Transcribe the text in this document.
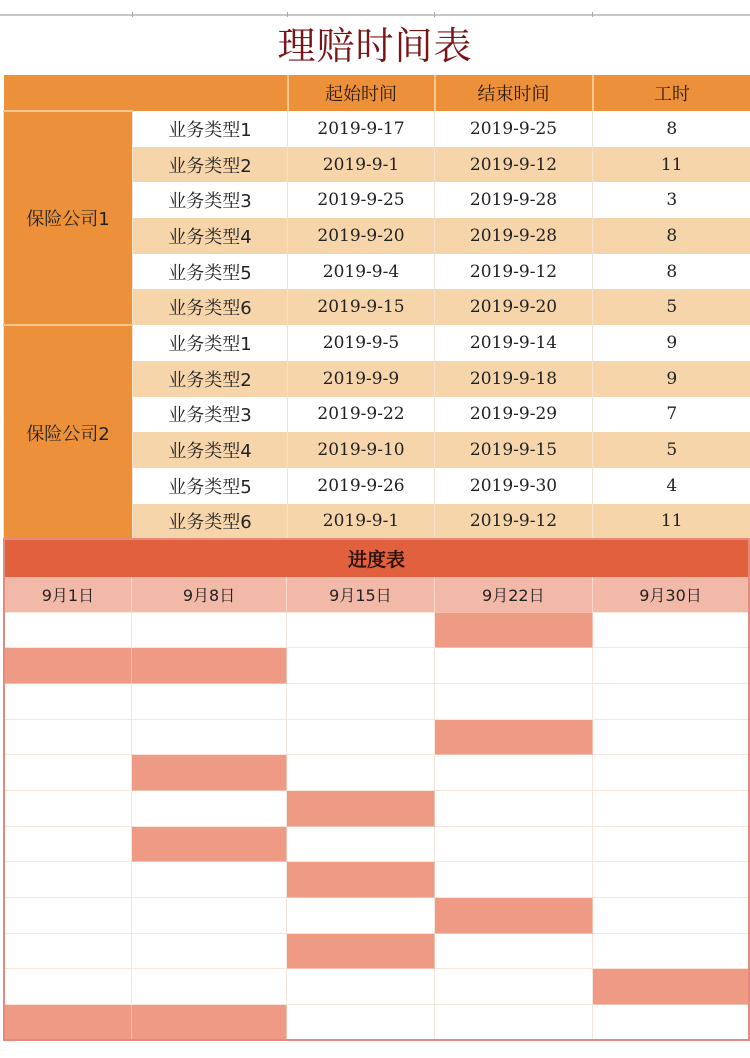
理赔时间表
		起始时间	结束时间	工时
保险公司1	业务类型1	2019-9-17	2019-9-25	8
	业务类型2	2019-9-1	2019-9-12	11
	业务类型3	2019-9-25	2019-9-28	3
	业务类型4	2019-9-20	2019-9-28	8
	业务类型5	2019-9-4	2019-9-12	8
	业务类型6	2019-9-15	2019-9-20	5
保险公司2	业务类型1	2019-9-5	2019-9-14	9
	业务类型2	2019-9-9	2019-9-18	9
	业务类型3	2019-9-22	2019-9-29	7
	业务类型4	2019-9-10	2019-9-15	5
	业务类型5	2019-9-26	2019-9-30	4
	业务类型6	2019-9-1	2019-9-12	11
进度表				
9月1日	9月8日	9月15日	9月22日	9月30日
